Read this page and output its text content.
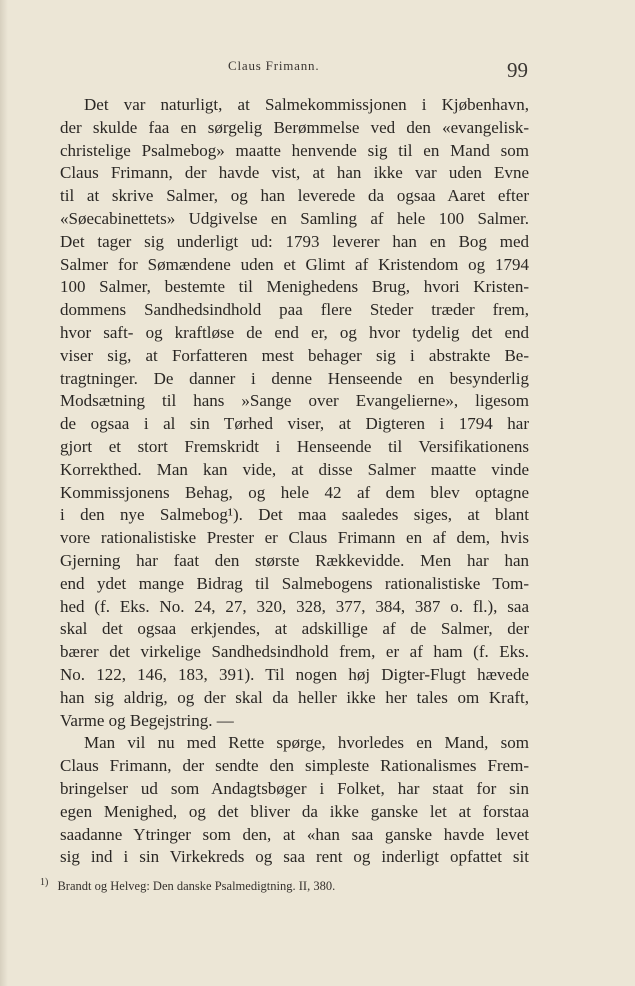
Claus Frimann.	99
Det var naturligt, at Salmekommissjonen i Kjøbenhavn,
der skulde faa en sørgelig Berømmelse ved den «evangelisk-
christelige Psalmebog» maatte henvende sig til en Mand som
Claus Frimann, der havde vist, at han ikke var uden Evne
til at skrive Salmer, og han leverede da ogsaa Aaret efter
«Søecabinettets» Udgivelse en Samling af hele 100 Salmer.
Det tager sig underligt ud: 1793 leverer han en Bog med
Salmer for Sømændene uden et Glimt af Kristendom og 1794
100 Salmer, bestemte til Menighedens Brug, hvori Kristen-
dommens Sandhedsindhold paa flere Steder træder frem,
hvor saft- og kraftløse de end er, og hvor tydelig det end
viser sig, at Forfatteren mest behager sig i abstrakte Be-
tragtninger. De danner i denne Henseende en besynderlig
Modsætning til hans »Sange over Evangelierne», ligesom
de ogsaa i al sin Tørhed viser, at Digteren i 1794 har
gjort et stort Fremskridt i Henseende til Versifikationens
Korrekthed. Man kan vide, at disse Salmer maatte vinde
Kommissjonens Behag, og hele 42 af dem blev optagne
i den nye Salmebog¹). Det maa saaledes siges, at blant
vore rationalistiske Prester er Claus Frimann en af dem, hvis
Gjerning har faat den største Rækkevidde. Men har han
end ydet mange Bidrag til Salmebogens rationalistiske Tom-
hed (f. Eks. No. 24, 27, 320, 328, 377, 384, 387 o. fl.), saa
skal det ogsaa erkjendes, at adskillige af de Salmer, der
bærer det virkelige Sandhedsindhold frem, er af ham (f. Eks.
No. 122, 146, 183, 391). Til nogen høj Digter-Flugt hævede
han sig aldrig, og der skal da heller ikke her tales om Kraft,
Varme og Begejstring. —
Man vil nu med Rette spørge, hvorledes en Mand, som
Claus Frimann, der sendte den simpleste Rationalismes Frem-
bringelser ud som Andagtsbøger i Folket, har staat for sin
egen Menighed, og det bliver da ikke ganske let at forstaa
saadanne Ytringer som den, at «han saa ganske havde levet
sig ind i sin Virkekreds og saa rent og inderligt opfattet sit
$^{1)}$ Brandt og Helveg: Den danske Psalmedigtning. II, 380.
